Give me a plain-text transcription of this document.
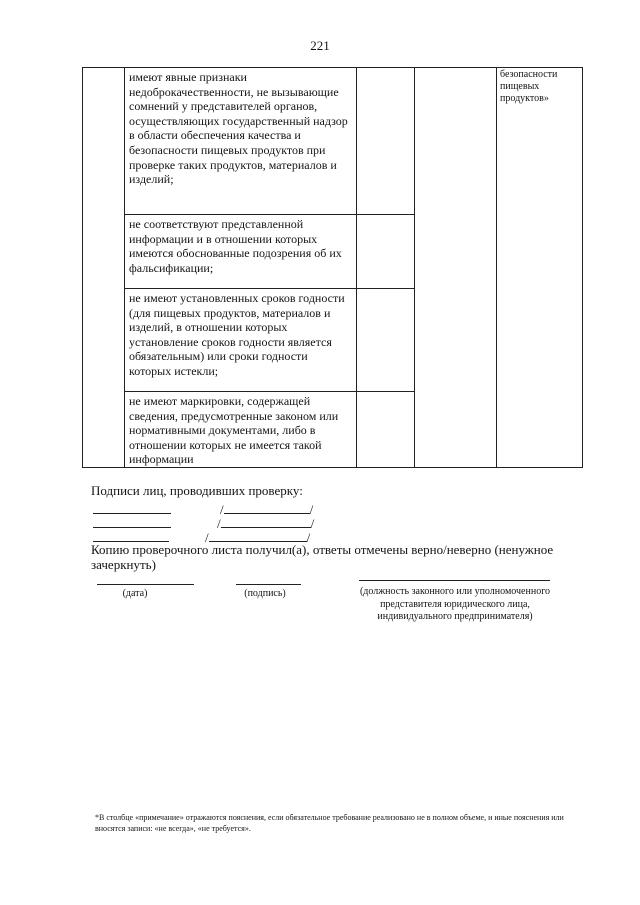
221
	имеют явные признаки недоброкачественности, не вызывающие сомнений у представителей органов, осуществляющих государственный надзор в области обеспечения качества и безопасности пищевых продуктов при проверке таких продуктов, материалов и изделий;			безопасности пищевых продуктов»
	не соответствуют представленной информации и в отношении которых имеются обоснованные подозрения об их фальсификации;			
	не имеют установленных сроков годности (для пищевых продуктов, материалов и изделий, в отношении которых установление сроков годности является обязательным) или сроки годности которых истекли;			
	не имеют маркировки, содержащей сведения, предусмотренные законом или нормативными документами, либо в отношении которых не имеется такой информации			
Подписи лиц, проводивших проверку:
/	/
/	/
/	/
Копию проверочного листа получил(а), ответы отмечены верно/неверно (ненужное зачеркнуть)
(дата)	(подпись)	(должность законного или уполномоченного
представителя юридического лица,
индивидуального предпринимателя)
*В столбце «примечание» отражаются пояснения, если обязательное требование реализовано не в полном объеме, и иные пояснения или вносятся записи: «не всегда», «не требуется».
